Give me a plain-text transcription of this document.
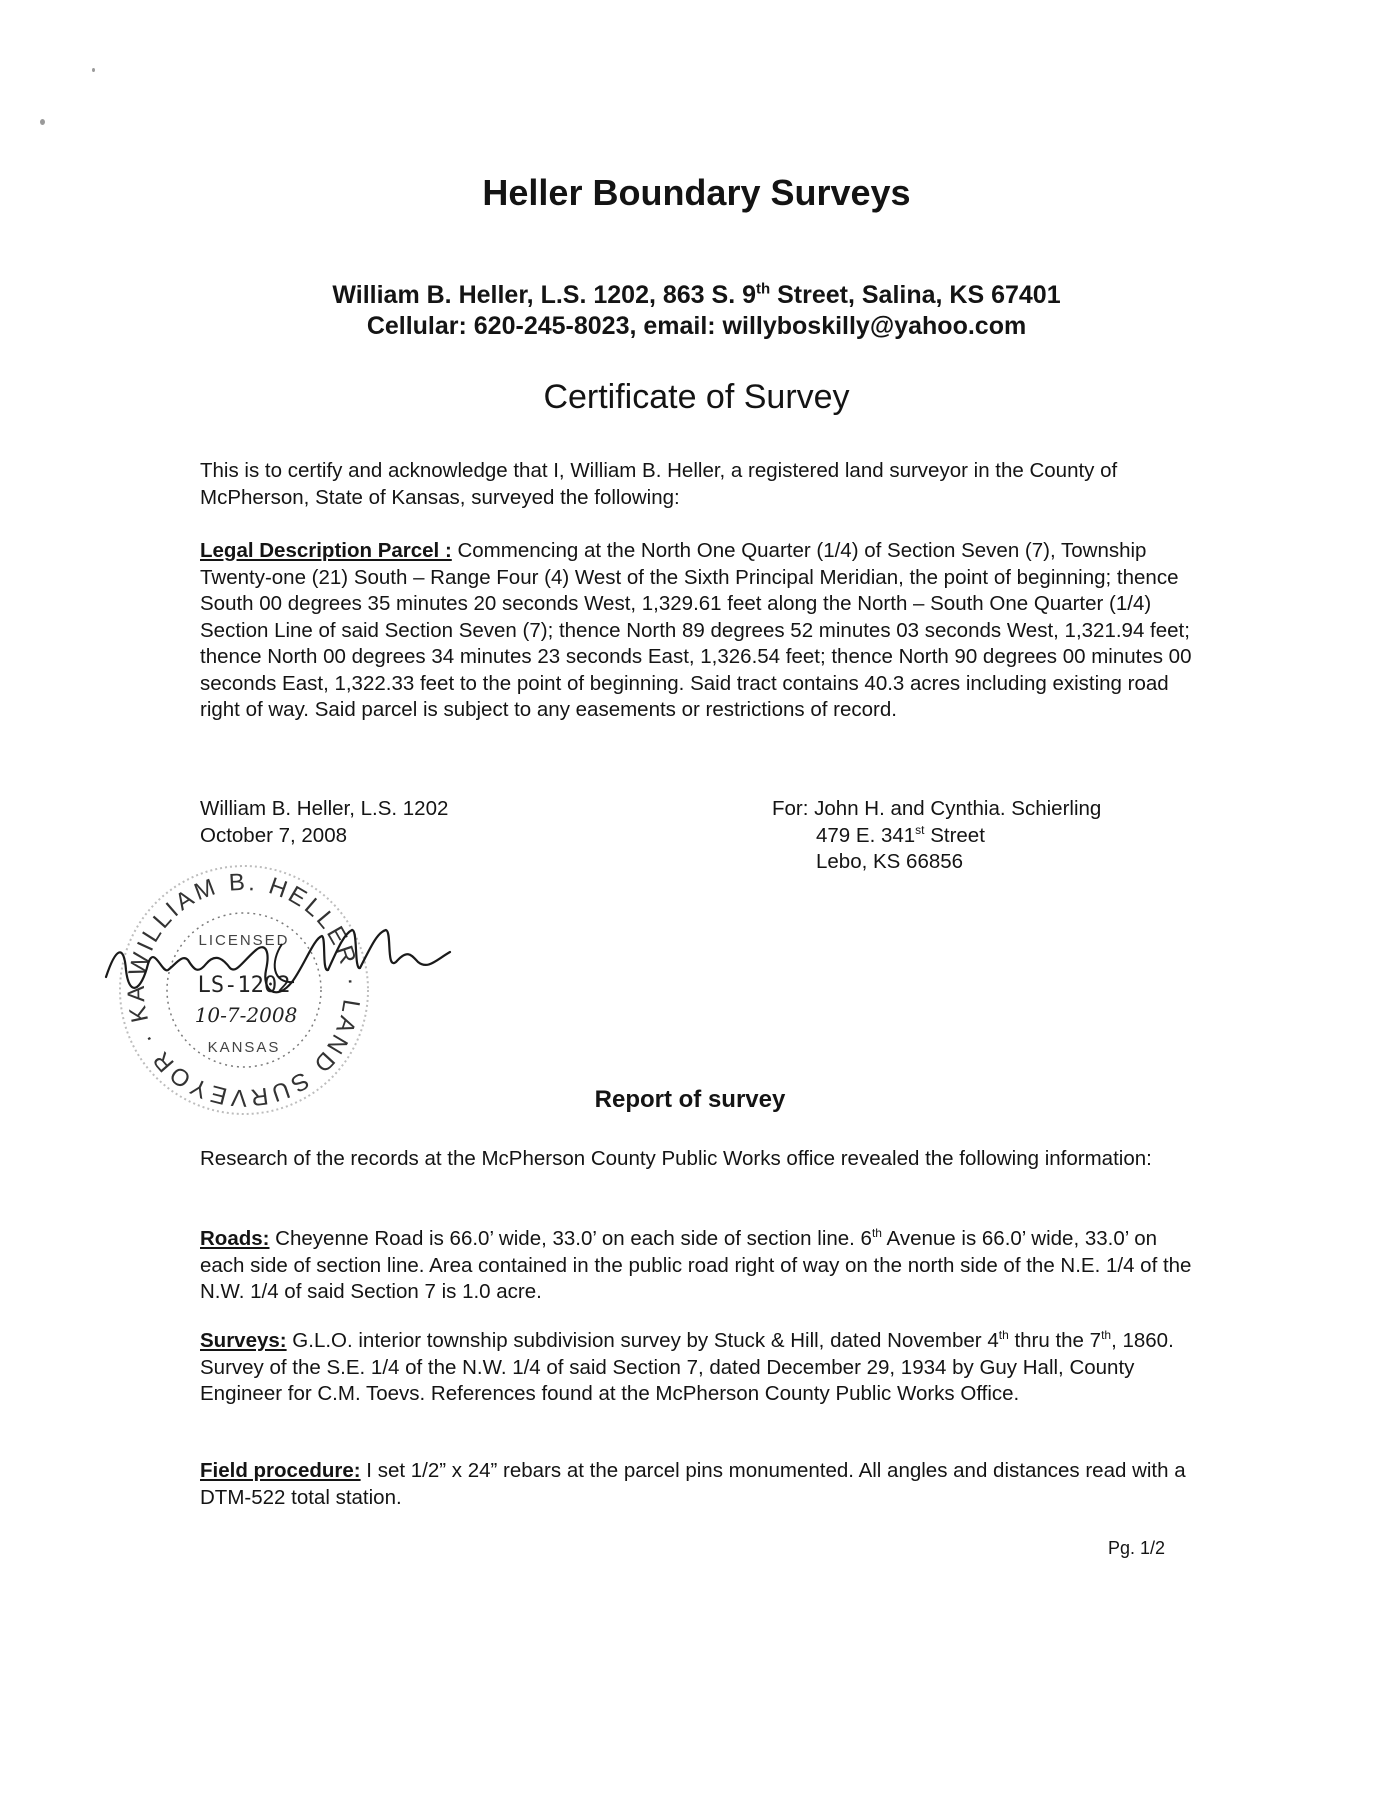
Heller Boundary Surveys
William B. Heller, L.S. 1202, 863 S. 9th Street, Salina, KS 67401
Cellular: 620-245-8023, email: willyboskilly@yahoo.com
Certificate of Survey

This is to certify and acknowledge that I, William B. Heller, a registered land surveyor in the County of McPherson, State of Kansas, surveyed the following:

Legal Description Parcel : Commencing at the North One Quarter (1/4) of Section Seven (7), Township Twenty-one (21) South – Range Four (4) West of the Sixth Principal Meridian, the point of beginning; thence South 00 degrees 35 minutes 20 seconds West, 1,329.61 feet along the North – South One Quarter (1/4) Section Line of said Section Seven (7); thence North 89 degrees 52 minutes 03 seconds West, 1,321.94 feet; thence North 00 degrees 34 minutes 23 seconds East, 1,326.54 feet; thence North 90 degrees 00 minutes 00 seconds East, 1,322.33 feet to the point of beginning. Said tract contains 40.3 acres including existing road right of way. Said parcel is subject to any easements or restrictions of record.

William B. Heller, L.S. 1202
October 7, 2008
For: John H. and Cynthia. Schierling
479 E. 341st Street
Lebo, KS 66856
WILLIAM B. HELLER · LAND SURVEYOR · KA
LICENSED
LS-1202
10-7-2008
KANSAS
Report of survey

Research of the records at the McPherson County Public Works office revealed the following information:

Roads: Cheyenne Road is 66.0’ wide, 33.0’ on each side of section line. 6th Avenue is 66.0’ wide, 33.0’ on each side of section line. Area contained in the public road right of way on the north side of the N.E. 1/4 of the N.W. 1/4 of said Section 7 is 1.0 acre.

Surveys: G.L.O. interior township subdivision survey by Stuck & Hill, dated November 4th thru the 7th, 1860. Survey of the S.E. 1/4 of the N.W. 1/4 of said Section 7, dated December 29, 1934 by Guy Hall, County Engineer for C.M. Toevs. References found at the McPherson County Public Works Office.

Field procedure: I set 1/2” x 24” rebars at the parcel pins monumented. All angles and distances read with a DTM-522 total station.

Pg. 1/2
